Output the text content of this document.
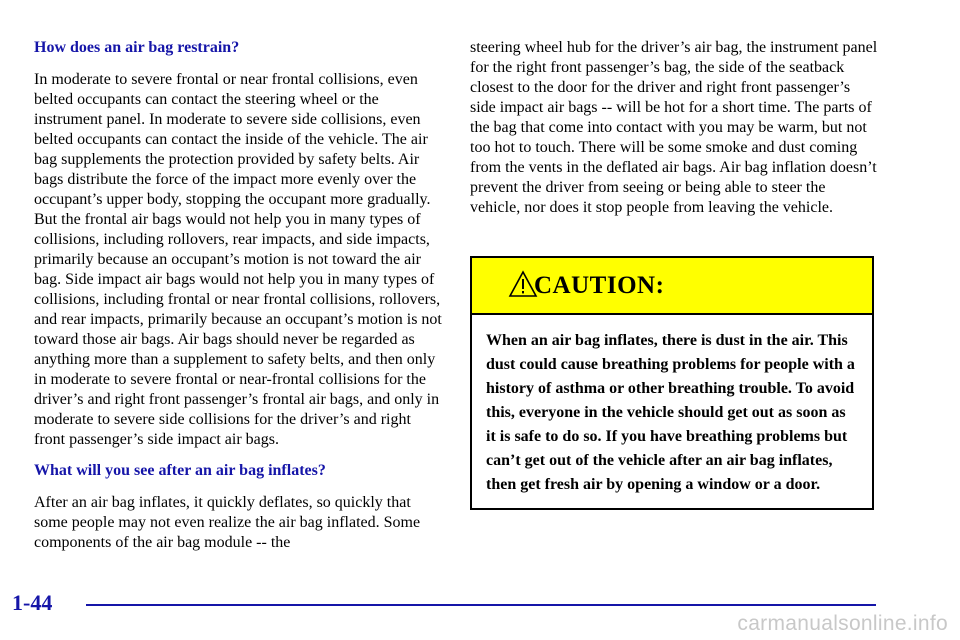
How does an air bag restrain?

In moderate to severe frontal or near frontal collisions, even belted occupants can contact the steering wheel or the instrument panel. In moderate to severe side collisions, even belted occupants can contact the inside of the vehicle. The air bag supplements the protection provided by safety belts. Air bags distribute the force of the impact more evenly over the occupant’s upper body, stopping the occupant more gradually. But the frontal air bags would not help you in many types of collisions, including rollovers, rear impacts, and side impacts, primarily because an occupant’s motion is not toward the air bag. Side impact air bags would not help you in many types of collisions, including frontal or near frontal collisions, rollovers, and rear impacts, primarily because an occupant’s motion is not toward those air bags. Air bags should never be regarded as anything more than a supplement to safety belts, and then only in moderate to severe frontal or near-frontal collisions for the driver’s and right front passenger’s frontal air bags, and only in moderate to severe side collisions for the driver’s and right front passenger’s side impact air bags.

What will you see after an air bag inflates?

After an air bag inflates, it quickly deflates, so quickly that some people may not even realize the air bag inflated. Some components of the air bag module -- the

steering wheel hub for the driver’s air bag, the instrument panel for the right front passenger’s bag, the side of the seatback closest to the door for the driver and right front passenger’s side impact air bags -- will be hot for a short time. The parts of the bag that come into contact with you may be warm, but not too hot to touch. There will be some smoke and dust coming from the vents in the deflated air bags. Air bag inflation doesn’t prevent the driver from seeing or being able to steer the vehicle, nor does it stop people from leaving the vehicle.

CAUTION:

When an air bag inflates, there is dust in the air. This dust could cause breathing problems for people with a history of asthma or other breathing trouble. To avoid this, everyone in the vehicle should get out as soon as it is safe to do so. If you have breathing problems but can’t get out of the vehicle after an air bag inflates, then get fresh air by opening a window or a door.

1-44
carmanualsonline.info
